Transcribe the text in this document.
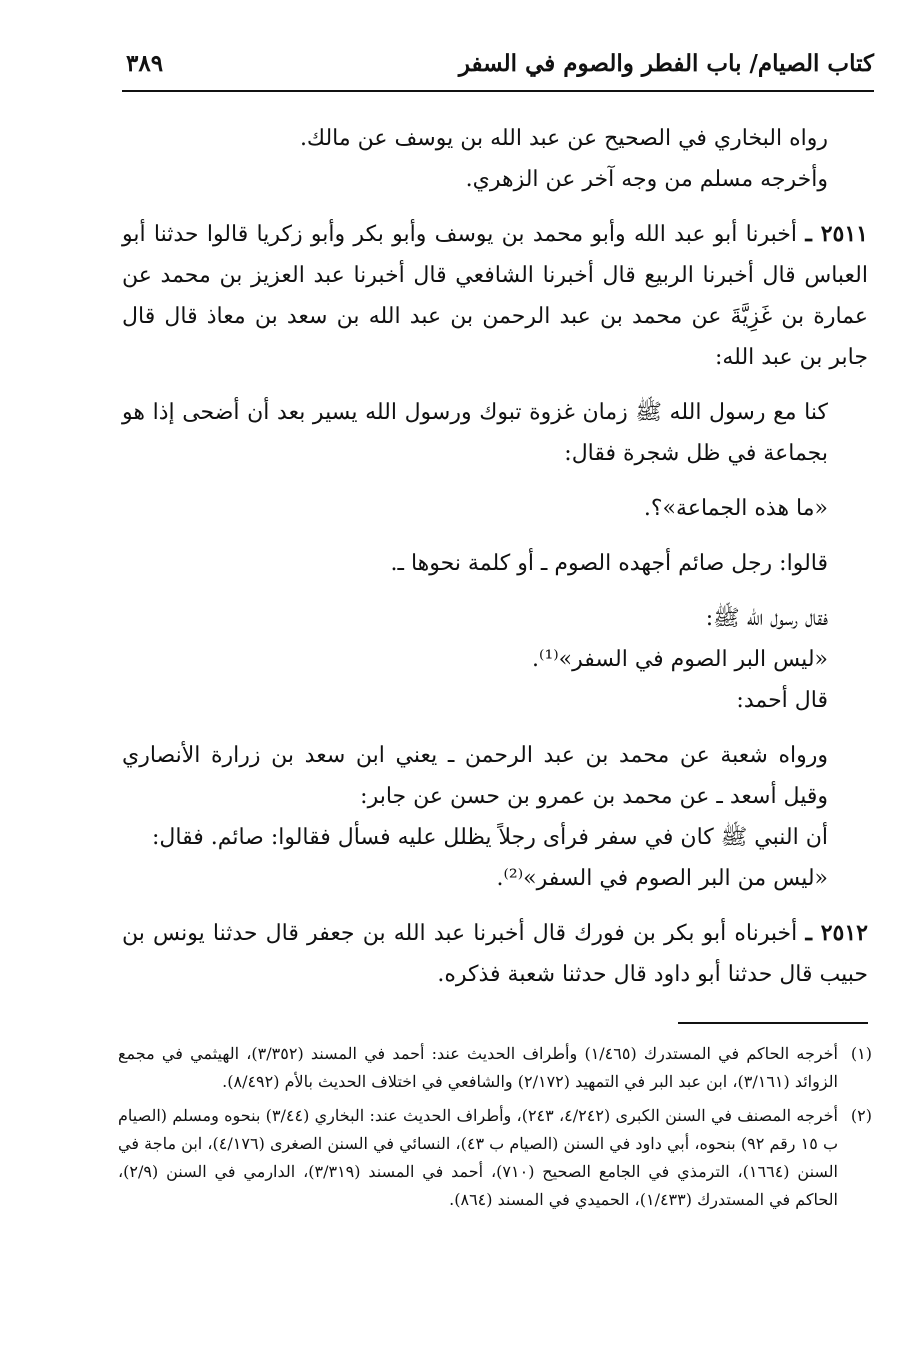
كتاب الصيام/ باب الفطر والصوم في السفر
٣٨٩

رواه البخاري في الصحيح عن عبد الله بن يوسف عن مالك.

وأخرجه مسلم من وجه آخر عن الزهري.

٢٥١١ ـ أخبرنا أبو عبد الله وأبو محمد بن يوسف وأبو بكر وأبو زكريا قالوا حدثنا أبو العباس قال أخبرنا الربيع قال أخبرنا الشافعي قال أخبرنا عبد العزيز بن محمد عن عمارة بن غَزِيَّةَ عن محمد بن عبد الرحمن بن عبد الله بن سعد بن معاذ قال قال جابر بن عبد الله:

كنا مع رسول الله ﷺ زمان غزوة تبوك ورسول الله يسير بعد أن أضحى إذا هو بجماعة في ظل شجرة فقال:

«ما هذه الجماعة»؟.

قالوا: رجل صائم أجهده الصوم ـ أو كلمة نحوها ـ.

فقال رسول الله ﷺ:

«ليس البر الصوم في السفر»⁽¹⁾.

قال أحمد:

ورواه شعبة عن محمد بن عبد الرحمن ـ يعني ابن سعد بن زرارة الأنصاري وقيل أسعد ـ عن محمد بن عمرو بن حسن عن جابر:

أن النبي ﷺ كان في سفر فرأى رجلاً يظلل عليه فسأل فقالوا: صائم. فقال:

«ليس من البر الصوم في السفر»⁽²⁾.

٢٥١٢ ـ أخبرناه أبو بكر بن فورك قال أخبرنا عبد الله بن جعفر قال حدثنا يونس بن حبيب قال حدثنا أبو داود قال حدثنا شعبة فذكره.

(١)
أخرجه الحاكم في المستدرك (١/٤٦٥) وأطراف الحديث عند: أحمد في المسند (٣/٣٥٢)، الهيثمي في مجمع الزوائد (٣/١٦١)، ابن عبد البر في التمهيد (٢/١٧٢) والشافعي في اختلاف الحديث بالأم (٨/٤٩٢).
(٢)
أخرجه المصنف في السنن الكبرى (٤/٢٤٢، ٢٤٣)، وأطراف الحديث عند: البخاري (٣/٤٤) بنحوه ومسلم (الصيام ب ١٥ رقم ٩٢) بنحوه، أبي داود في السنن (الصيام ب ٤٣)، النسائي في السنن الصغرى (٤/١٧٦)، ابن ماجة في السنن (١٦٦٤)، الترمذي في الجامع الصحيح (٧١٠)، أحمد في المسند (٣/٣١٩)، الدارمي في السنن (٢/٩)، الحاكم في المستدرك (١/٤٣٣)، الحميدي في المسند (٨٦٤).
